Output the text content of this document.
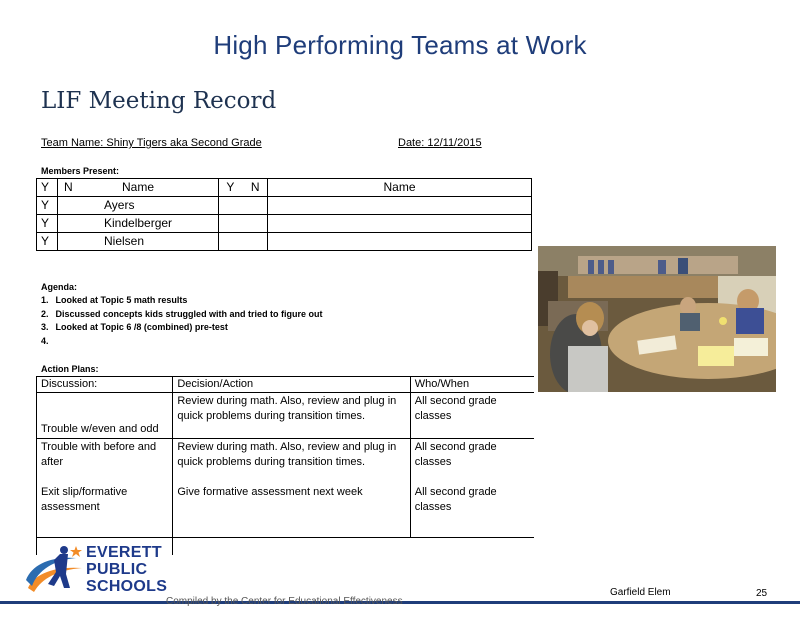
High Performing Teams at Work
LIF Meeting Record
Team Name: Shiny Tigers aka Second Grade	Date: 12/11/2015
Members Present:
Y	N Name	Y N	Name
Y	Ayers		
Y	Kindelberger		
Y	Nielsen		
Agenda:
1. Looked at Topic 5 math results
2. Discussed concepts kids struggled with and tried to figure out
3. Looked at Topic 6 /8 (combined) pre-test
4.
Action Plans:
Discussion:	Decision/Action	Who/When
Trouble w/even and odd	Review during math. Also, review and plug in quick problems during transition times.	All second grade classes
Trouble with before and after	Review during math. Also, review and plug in quick problems during transition times.	All second grade classes
Exit slip/formative assessment	Give formative assessment next week	All second grade classes

EVERETT
PUBLIC
SCHOOLS
Compiled by the Center for Educational Effectiveness
Garfield Elem	25
